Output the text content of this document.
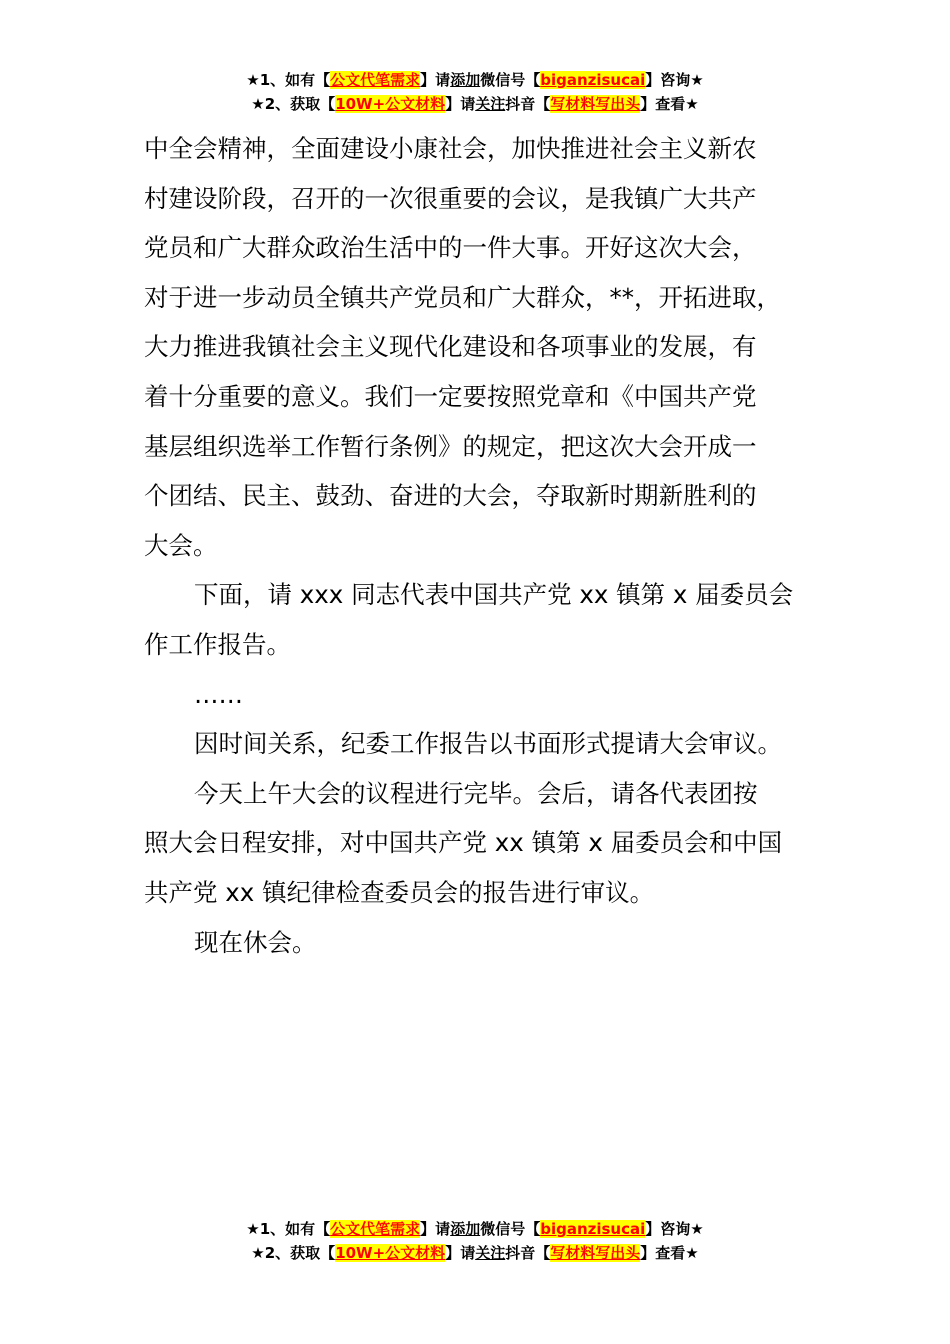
★1、如有【公文代笔需求】请添加微信号【biganzisucai】咨询★
★2、获取【10W+公文材料】请关注抖音【写材料写出头】查看★

中全会精神，全面建设小康社会，加快推进社会主义新农

村建设阶段，召开的一次很重要的会议，是我镇广大共产

党员和广大群众政治生活中的一件大事。开好这次大会，

对于进一步动员全镇共产党员和广大群众，**，开拓进取，

大力推进我镇社会主义现代化建设和各项事业的发展，有

着十分重要的意义。我们一定要按照党章和《中国共产党

基层组织选举工作暂行条例》的规定，把这次大会开成一

个团结、民主、鼓劲、奋进的大会，夺取新时期新胜利的

大会。

下面，请 xxx 同志代表中国共产党 xx 镇第 x 届委员会

作工作报告。

……

因时间关系，纪委工作报告以书面形式提请大会审议。

今天上午大会的议程进行完毕。会后，请各代表团按

照大会日程安排，对中国共产党 xx 镇第 x 届委员会和中国

共产党 xx 镇纪律检查委员会的报告进行审议。

现在休会。

★1、如有【公文代笔需求】请添加微信号【biganzisucai】咨询★
★2、获取【10W+公文材料】请关注抖音【写材料写出头】查看★
